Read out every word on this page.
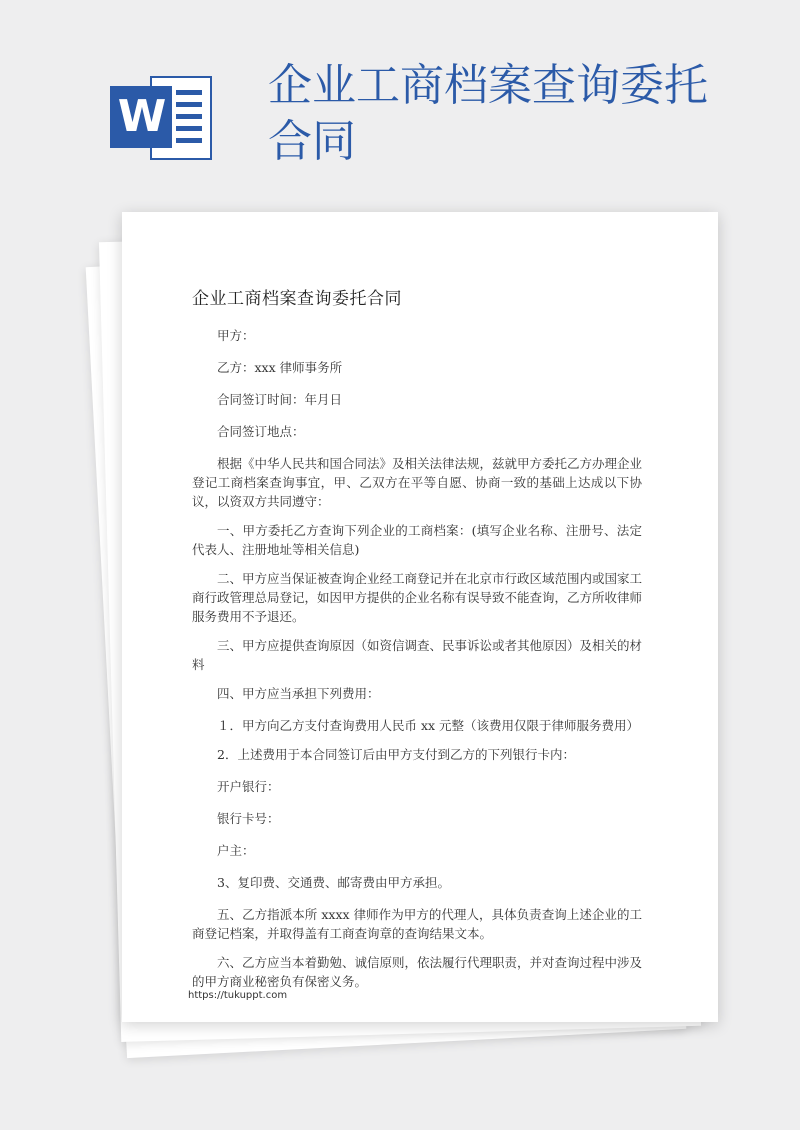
W
企业工商档案查询委托合同
企业工商档案查询委托合同

甲方：

乙方：xxx 律师事务所

合同签订时间：年月日

合同签订地点：

根据《中华人民共和国合同法》及相关法律法规，兹就甲方委托乙方办理企业登记工商档案查询事宜，甲、乙双方在平等自愿、协商一致的基础上达成以下协议，以资双方共同遵守：

一、甲方委托乙方查询下列企业的工商档案：(填写企业名称、注册号、法定代表人、注册地址等相关信息)

二、甲方应当保证被查询企业经工商登记并在北京市行政区域范围内或国家工商行政管理总局登记，如因甲方提供的企业名称有误导致不能查询，乙方所收律师服务费用不予退还。

三、甲方应提供查询原因（如资信调查、民事诉讼或者其他原因）及相关的材料

四、甲方应当承担下列费用：

１．甲方向乙方支付查询费用人民币 xx 元整（该费用仅限于律师服务费用）

2．上述费用于本合同签订后由甲方支付到乙方的下列银行卡内：

开户银行：

银行卡号：

户主：

3、复印费、交通费、邮寄费由甲方承担。

五、乙方指派本所 xxxx 律师作为甲方的代理人，具体负责查询上述企业的工商登记档案，并取得盖有工商查询章的查询结果文本。

六、乙方应当本着勤勉、诚信原则，依法履行代理职责，并对查询过程中涉及的甲方商业秘密负有保密义务。

https://tukuppt.com
